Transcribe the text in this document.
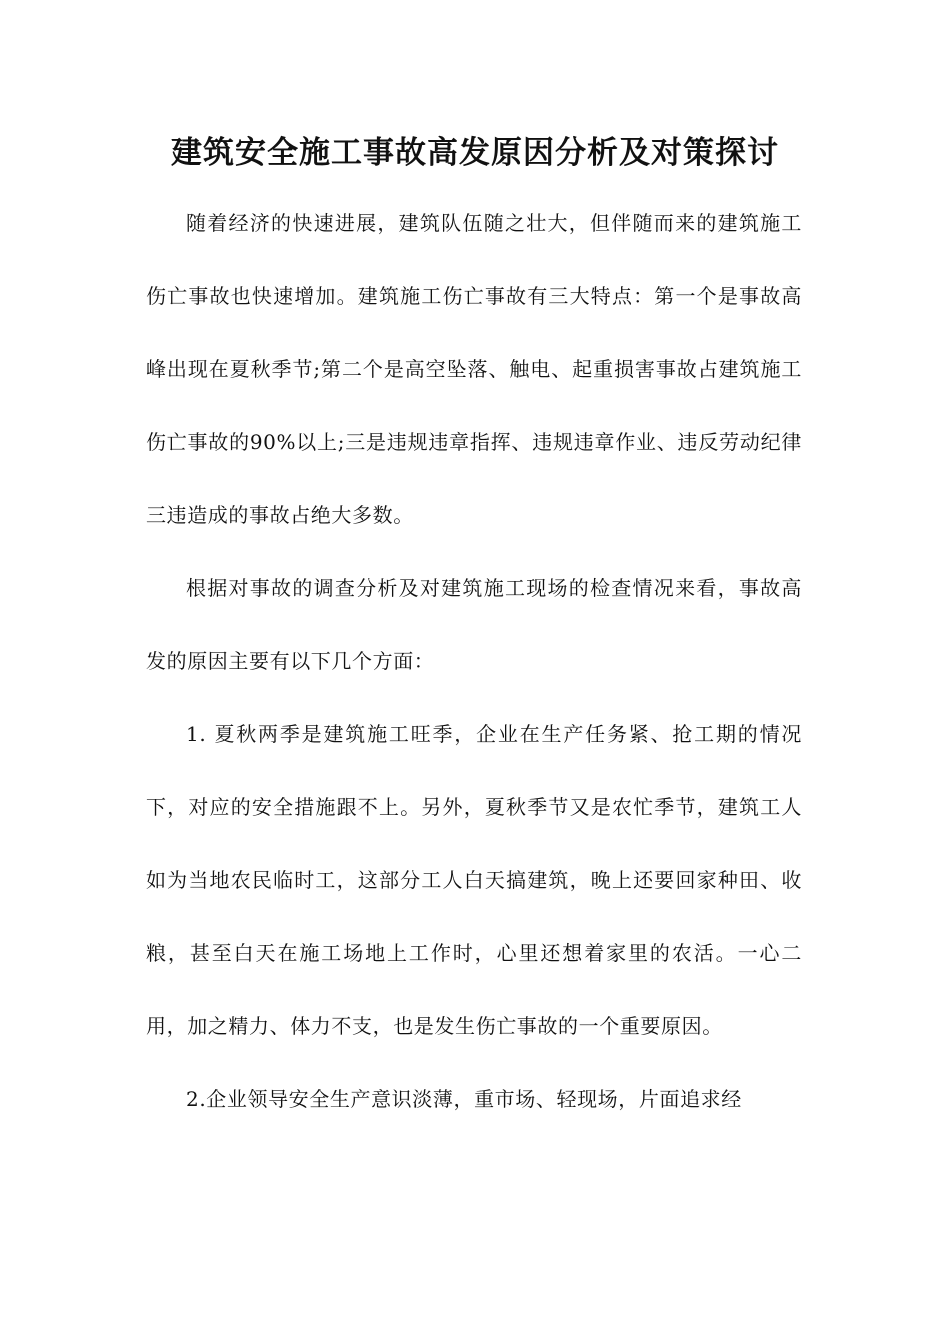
建筑安全施工事故高发原因分析及对策探讨

随着经济的快速进展，建筑队伍随之壮大，但伴随而来的建筑施工伤亡事故也快速增加。建筑施工伤亡事故有三大特点：第一个是事故高峰出现在夏秋季节;第二个是高空坠落、触电、起重损害事故占建筑施工伤亡事故的90%以上;三是违规违章指挥、违规违章作业、违反劳动纪律三违造成的事故占绝大多数。

根据对事故的调查分析及对建筑施工现场的检查情况来看，事故高发的原因主要有以下几个方面：

1. 夏秋两季是建筑施工旺季，企业在生产任务紧、抢工期的情况下，对应的安全措施跟不上。另外，夏秋季节又是农忙季节，建筑工人如为当地农民临时工，这部分工人白天搞建筑，晚上还要回家种田、收粮，甚至白天在施工场地上工作时，心里还想着家里的农活。一心二用，加之精力、体力不支，也是发生伤亡事故的一个重要原因。

2.企业领导安全生产意识淡薄，重市场、轻现场，片面追求经
